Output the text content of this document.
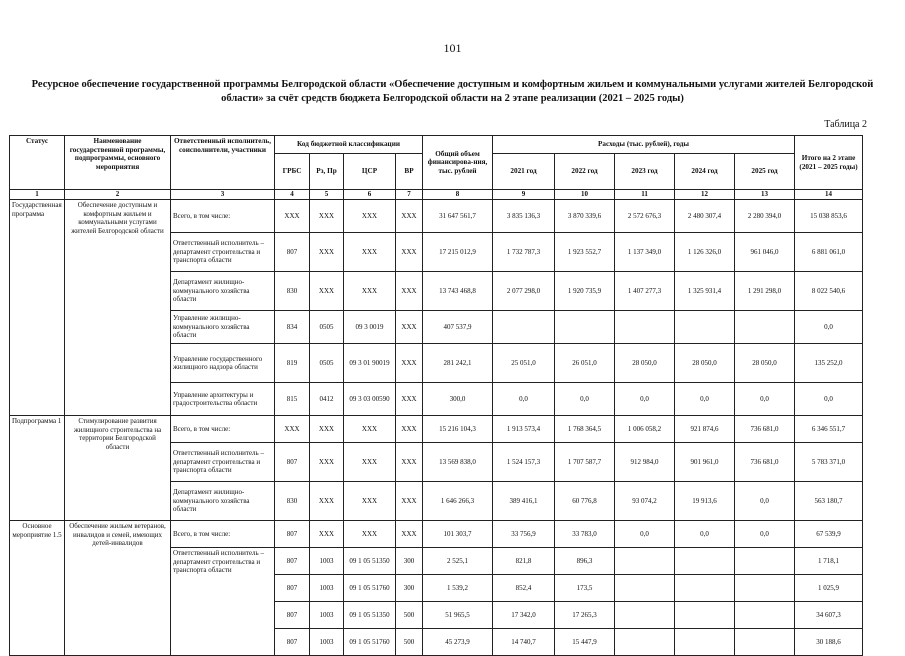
101
Ресурсное обеспечение государственной программы Белгородской области «Обеспечение доступным и комфортным жильем и коммунальными услугами жителей Белгородской области» за счёт средств бюджета Белгородской области на 2 этапе реализации (2021 – 2025 годы)
Таблица 2
Статус	Наименование государственной программы, подпрограммы, основного мероприятия	Ответственный исполнитель, соисполнители, участники	Код бюджетной классификации				Общий объем финансирова-ния, тыс. рублей	Расходы (тыс. рублей), годы					Итого на 2 этапе (2021 – 2025 годы)
			ГРБС	Рз, Пр	ЦСР	ВР		2021 год	2022 год	2023 год	2024 год	2025 год	
1	2	3	4	5	6	7	8	9	10	11	12	13	14
Государственная программа	Обеспечение доступным и комфортным жильем и коммунальными услугами жителей Белгородской области	Всего, в том числе:	XXX	XXX	XXX	XXX	31 647 561,7	3 835 136,3	3 870 339,6	2 572 676,3	2 480 307,4	2 280 394,0	15 038 853,6
		Ответственный исполнитель – департамент строительства и транспорта области	807	XXX	XXX	XXX	17 215 012,9	1 732 787,3	1 923 552,7	1 137 349,0	1 126 326,0	961 046,0	6 881 061,0
		Департамент жилищно-коммунального хозяйства области	830	XXX	XXX	XXX	13 743 468,8	2 077 298,0	1 920 735,9	1 407 277,3	1 325 931,4	1 291 298,0	8 022 540,6
		Управление жилищно-коммунального хозяйства области	834	0505	09 3 0019	XXX	407 537,9						0,0
		Управление государственного жилищного надзора области	819	0505	09 3 01 90019	XXX	281 242,1	25 051,0	26 051,0	28 050,0	28 050,0	28 050,0	135 252,0
		Управление архитектуры и градостроительства области	815	0412	09 3 03 00590	XXX	300,0	0,0	0,0	0,0	0,0	0,0	0,0
Подпрограмма 1	Стимулирование развития жилищного строительства на территории Белгородской области	Всего, в том числе:	XXX	XXX	XXX	XXX	15 216 104,3	1 913 573,4	1 768 364,5	1 006 058,2	921 874,6	736 681,0	6 346 551,7
		Ответственный исполнитель – департамент строительства и транспорта области	807	XXX	XXX	XXX	13 569 838,0	1 524 157,3	1 707 587,7	912 984,0	901 961,0	736 681,0	5 783 371,0
		Департамент жилищно-коммунального хозяйства области	830	XXX	XXX	XXX	1 646 266,3	389 416,1	60 776,8	93 074,2	19 913,6	0,0	563 180,7
Основное мероприятие 1.5	Обеспечение жильем ветеранов, инвалидов и семей, имеющих детей-инвалидов	Всего, в том числе:	807	XXX	XXX	XXX	101 303,7	33 756,9	33 783,0	0,0	0,0	0,0	67 539,9
		Ответственный исполнитель – департамент строительства и транспорта области	807	1003	09 1 05 51350	300	2 525,1	821,8	896,3				1 718,1
			807	1003	09 1 05 51760	300	1 539,2	852,4	173,5				1 025,9
			807	1003	09 1 05 51350	500	51 965,5	17 342,0	17 265,3				34 607,3
			807	1003	09 1 05 51760	500	45 273,9	14 740,7	15 447,9				30 188,6
